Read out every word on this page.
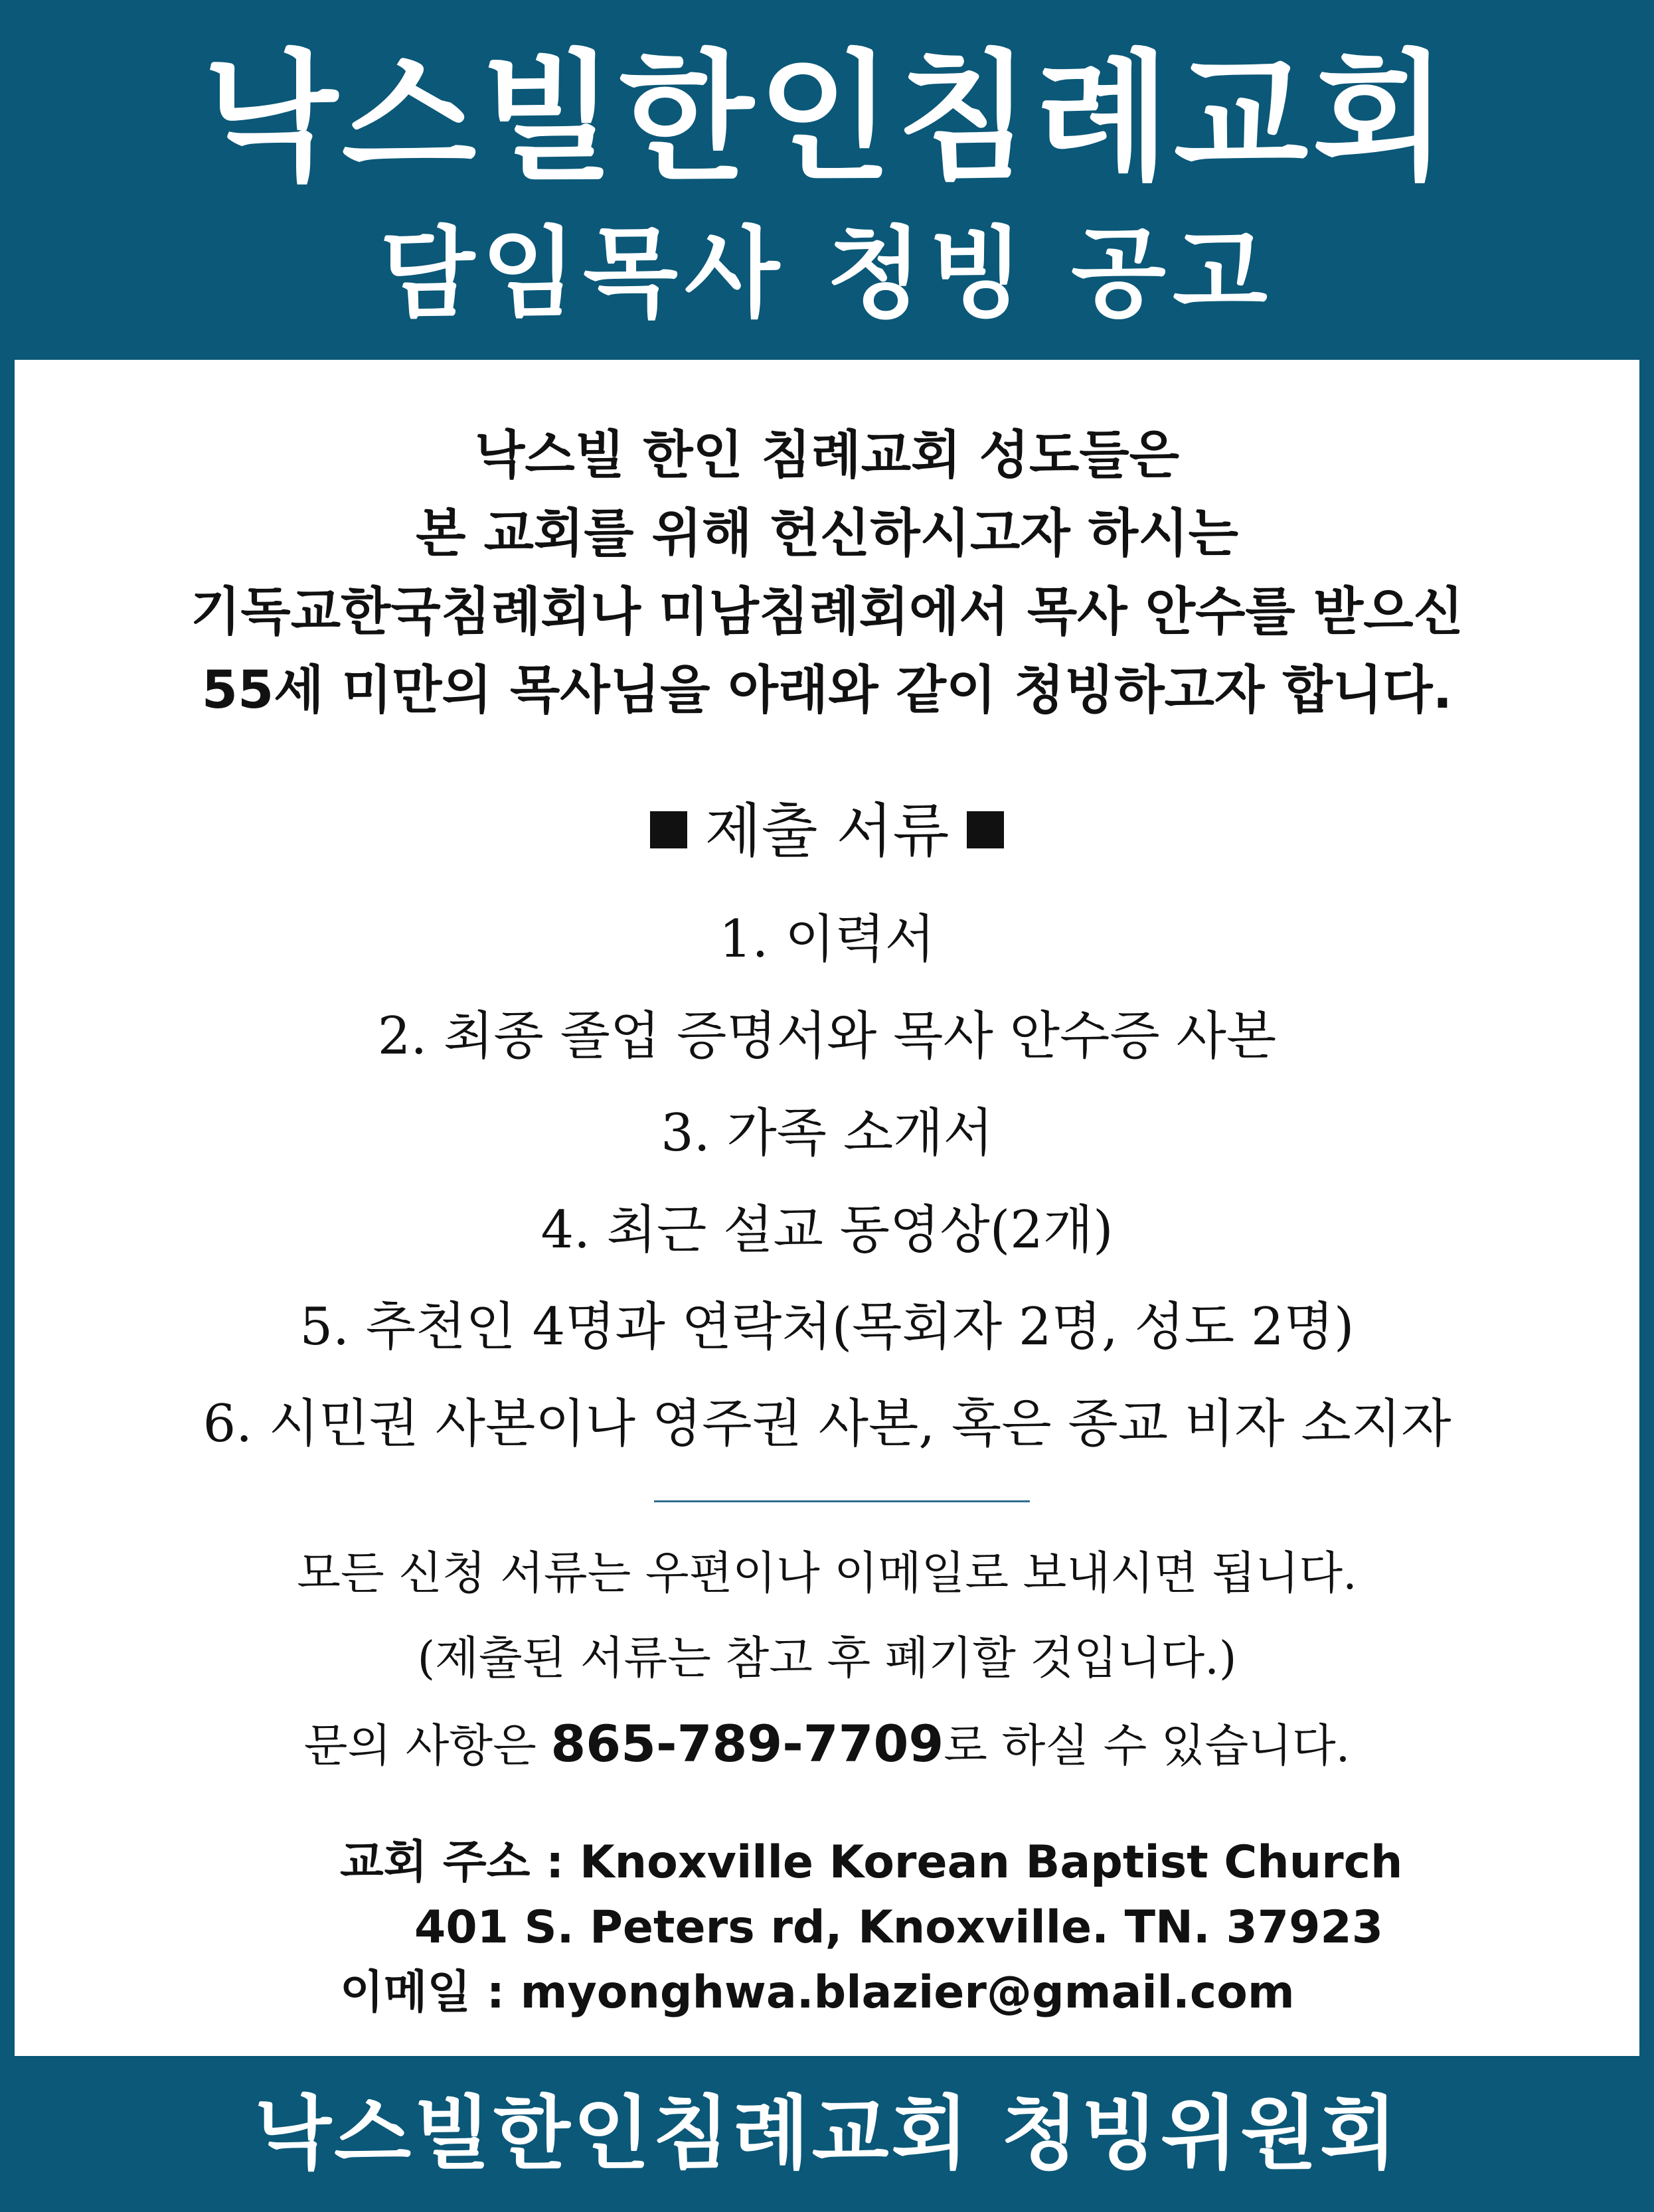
낙스빌한인침례교회
담임목사 청빙 공고
낙스빌 한인 침례교회 성도들은
본 교회를 위해 헌신하시고자 하시는
기독교한국침례회나 미남침례회에서 목사 안수를 받으신
55세 미만의 목사님을 아래와 같이 청빙하고자 합니다.
제출 서류
1. 이력서
2. 최종 졸업 증명서와 목사 안수증 사본
3. 가족 소개서
4. 최근 설교 동영상(2개)
5. 추천인 4명과 연락처(목회자 2명, 성도 2명)
6. 시민권 사본이나 영주권 사본, 혹은 종교 비자 소지자
모든 신청 서류는 우편이나 이메일로 보내시면 됩니다.
(제출된 서류는 참고 후 폐기할 것입니다.)
문의 사항은 865-789-7709로 하실 수 있습니다.
교회 주소 : Knoxville Korean Baptist Church
401 S. Peters rd, Knoxville. TN. 37923
이메일 : myonghwa.blazier@gmail.com
낙스빌한인침례교회 청빙위원회
